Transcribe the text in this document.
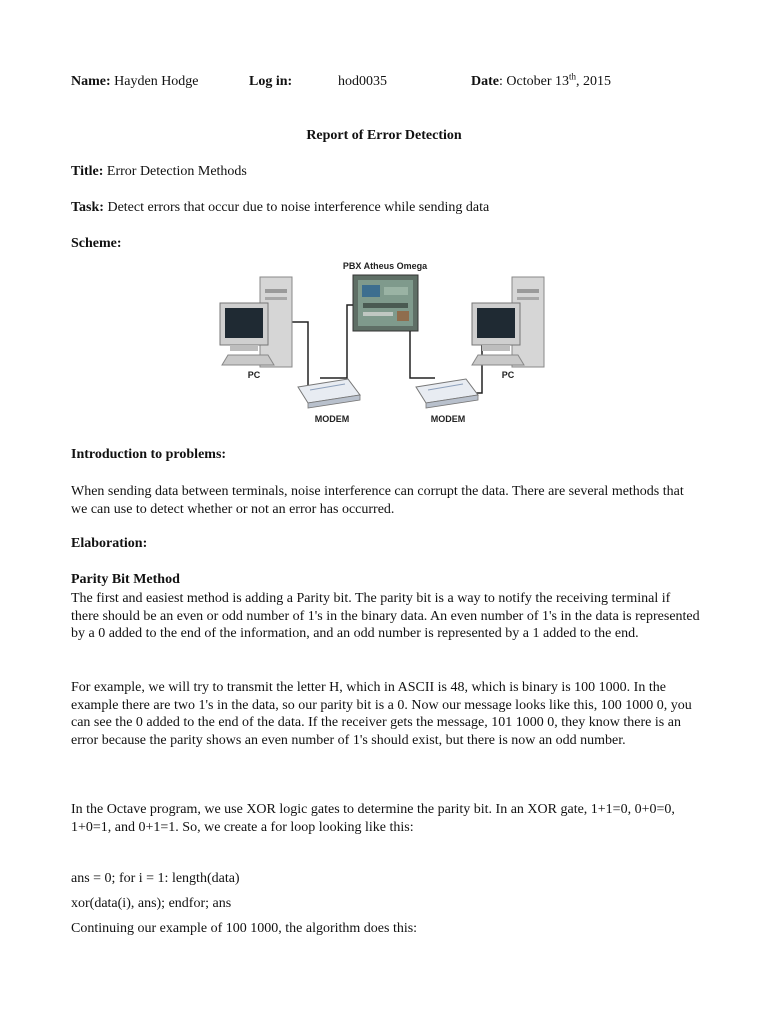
Name: Hayden Hodge	Log in:	hod0035	Date: October 13th, 2015
Report of Error Detection
Title: Error Detection Methods
Task: Detect errors that occur due to noise interference while sending data
Scheme:
PBX Atheus Omega
PC	PC
MODEM	MODEM
Introduction to problems:
When sending data between terminals, noise interference can corrupt the data. There are several methods that we can use to detect whether or not an error has occurred.
Elaboration:
Parity Bit Method
The first and easiest method is adding a Parity bit. The parity bit is a way to notify the receiving terminal if there should be an even or odd number of 1's in the binary data. An even number of 1's in the data is represented by a 0 added to the end of the information, and an odd number is represented by a 1 added to the end.
For example, we will try to transmit the letter H, which in ASCII is 48, which is binary is 100 1000. In the example there are two 1's in the data, so our parity bit is a 0. Now our message looks like this, 100 1000 0, you can see the 0 added to the end of the data. If the receiver gets the message, 101 1000 0, they know there is an error because the parity shows an even number of 1's should exist, but there is now an odd number.
In the Octave program, we use XOR logic gates to determine the parity bit. In an XOR gate, 1+1=0, 0+0=0, 1+0=1, and 0+1=1. So, we create a for loop looking like this:
ans = 0; for i = 1: length(data)
xor(data(i), ans); endfor; ans
Continuing our example of 100 1000, the algorithm does this:
